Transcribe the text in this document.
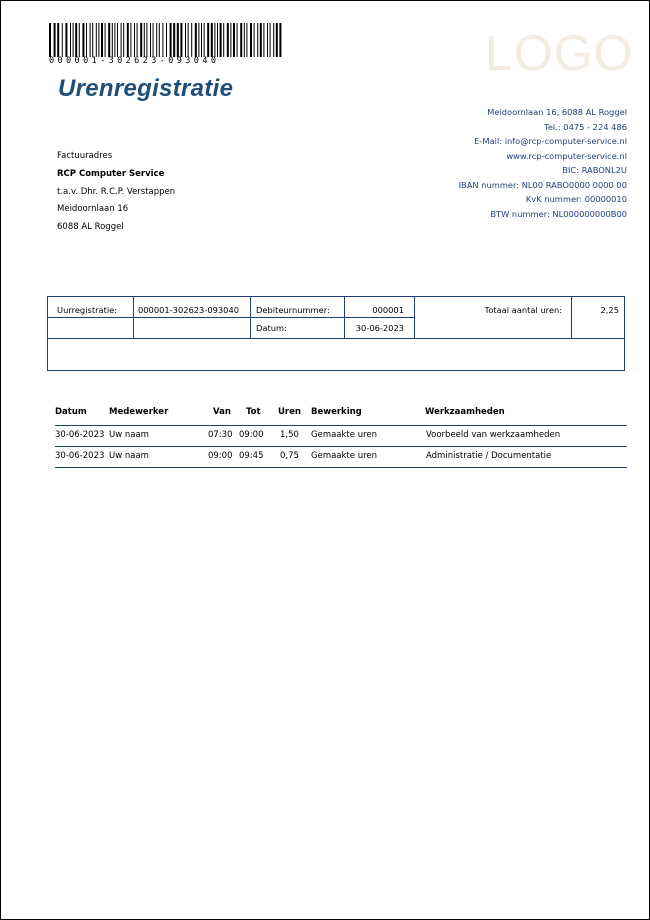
000001-302623-093040	LOGO
Urenregistratie
Meidoornlaan 16, 6088 AL Roggel
Tel.: 0475 - 224 486
E-Mail: info@rcp-computer-service.nl
www.rcp-computer-service.nl
BIC: RABONL2U
IBAN nummer: NL00 RABO0000 0000 00
KvK nummer: 00000010
BTW nummer: NL000000000B00
Factuuradres
RCP Computer Service
t.a.v. Dhr. R.C.P. Verstappen
Meidoornlaan 16
6088 AL Roggel
Uurregistratie:	000001-302623-093040 Debiteurnummer:	000001
Datum:	30-06-2023
Totaal aantal uren:	2,25
Datum	Medewerker	Van Tot Uren Bewerking	Werkzaamheden
30-06-2023 Uw naam	07:30 09:00 1,50 Gemaakte uren	Voorbeeld van werkzaamheden
30-06-2023 Uw naam	09:00 09:45 0,75 Gemaakte uren	Administratie / Documentatie
